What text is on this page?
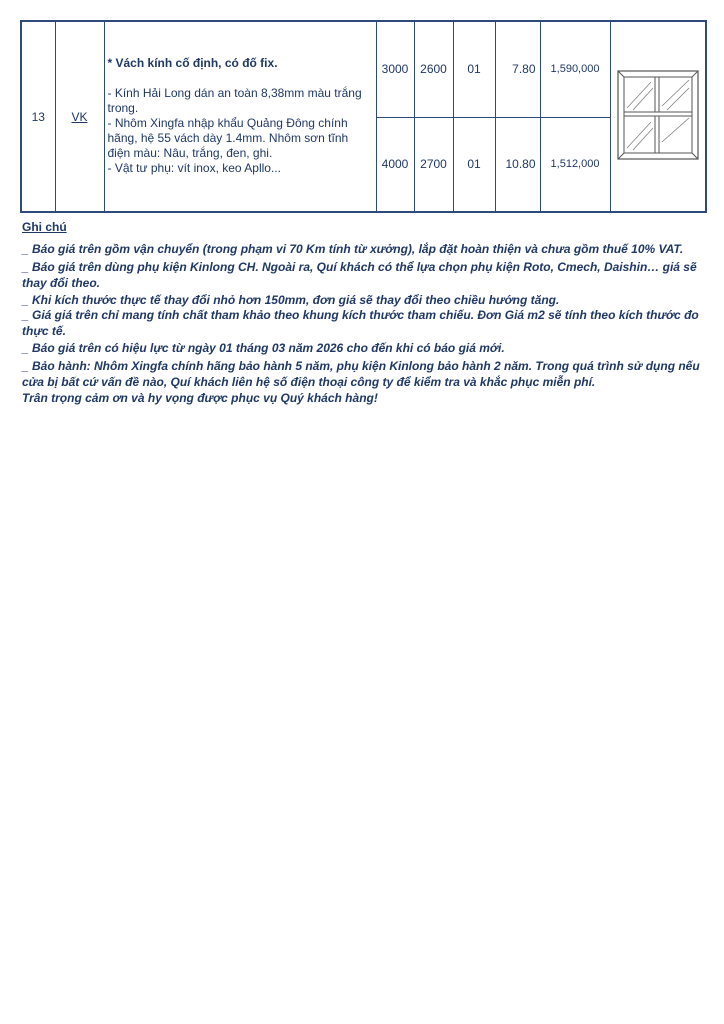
13	VK	* Vách kính cố định, có đố fix.
- Kính Hải Long dán an toàn 8,38mm màu trắng trong.
- Nhôm Xingfa nhập khẩu Quảng Đông chính hãng, hệ 55 vách dày 1.4mm. Nhôm sơn tĩnh điện màu: Nâu, trắng, đen, ghi.
- Vật tư phụ: vít inox, keo Apllo...	3000	2600	01	7.80	1,590,000	
			4000	2700	01	10.80	1,512,000	
Ghi chú
_ Báo giá trên gồm vận chuyển (trong phạm vi 70 Km tính từ xưởng), lắp đặt hoàn thiện và chưa gồm thuế 10% VAT.
_ Báo giá trên dùng phụ kiện Kinlong CH. Ngoài ra, Quí khách có thể lựa chọn phụ kiện Roto, Cmech, Daishin… giá sẽ thay đổi theo.
_ Khi kích thước thực tế thay đổi nhỏ hơn 150mm, đơn giá sẽ thay đổi theo chiều hướng tăng.
_ Giá giá trên chỉ mang tính chất tham khảo theo khung kích thước tham chiếu. Đơn Giá m2 sẽ tính theo kích thước đo thực tế.
_ Báo giá trên có hiệu lực từ ngày 01 tháng 03 năm 2026 cho đến khi có báo giá mới.
_ Bảo hành: Nhôm Xingfa chính hãng bảo hành 5 năm, phụ kiện Kinlong bảo hành 2 năm. Trong quá trình sử dụng nếu cửa bị bất cứ vấn đề nào, Quí khách liên hệ số điện thoại công ty để kiểm tra và khắc phục miễn phí.
Trân trọng cảm ơn và hy vọng được phục vụ Quý khách hàng!
